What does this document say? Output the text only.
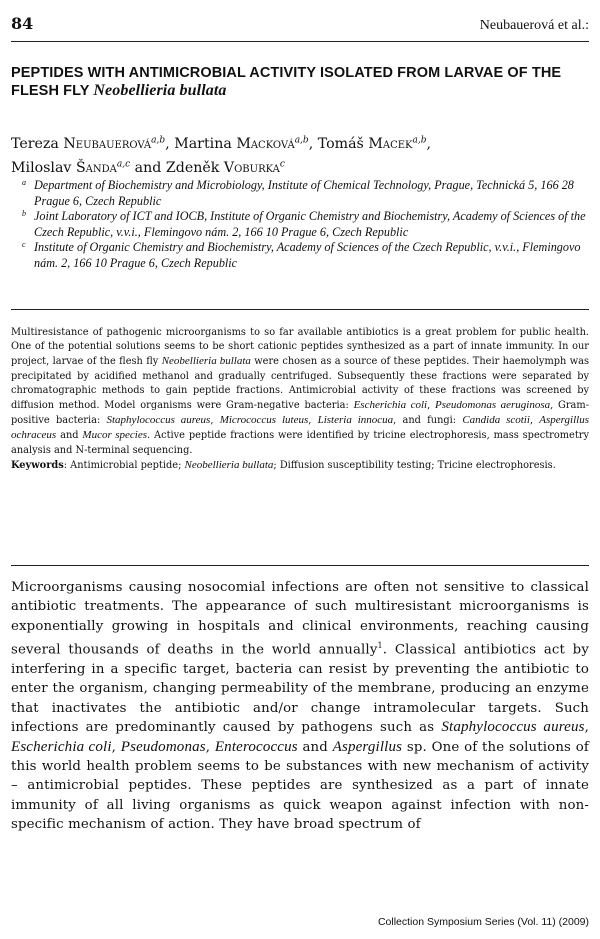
84	Neubauerová et al.:
PEPTIDES WITH ANTIMICROBIAL ACTIVITY ISOLATED FROM LARVAE OF THE FLESH FLY Neobellieria bullata
Tereza Neubauerová$^{a,b}$, Martina Macková$^{a,b}$, Tomáš Macek$^{a,b}$,
Miloslav Šanda$^{a,c}$ and Zdeněk Voburka$^c$
a Department of Biochemistry and Microbiology, Institute of Chemical Technology, Prague, Technická 5, 166 28 Prague 6, Czech Republic
b Joint Laboratory of ICT and IOCB, Institute of Organic Chemistry and Biochemistry, Academy of Sciences of the Czech Republic, v.v.i., Flemingovo nám. 2, 166 10 Prague 6, Czech Republic
c Institute of Organic Chemistry and Biochemistry, Academy of Sciences of the Czech Republic, v.v.i., Flemingovo nám. 2, 166 10 Prague 6, Czech Republic
Multiresistance of pathogenic microorganisms to so far available antibiotics is a great problem for public health. One of the potential solutions seems to be short cationic peptides synthesized as a part of innate immunity. In our project, larvae of the flesh fly Neobellieria bullata were chosen as a source of these peptides. Their haemolymph was precipitated by acidified methanol and gradually centrifuged. Subsequently these fractions were separated by chromatographic methods to gain peptide fractions. Antimicrobial activity of these fractions was screened by diffusion method. Model organisms were Gram-negative bacteria: Escherichia coli, Pseudomonas aeruginosa, Gram-positive bacteria: Staphylococcus aureus, Micrococcus luteus, Listeria innocua, and fungi: Candida scotii, Aspergillus ochraceus and Mucor species. Active peptide fractions were identified by tricine electrophoresis, mass spectrometry analysis and N-terminal sequencing.
Keywords: Antimicrobial peptide; Neobellieria bullata; Diffusion susceptibility testing; Tricine electrophoresis.
Microorganisms causing nosocomial infections are often not sensitive to classical antibiotic treatments. The appearance of such multiresistant microorganisms is exponentially growing in hospitals and clinical environments, reaching causing several thousands of deaths in the world annually$^1$. Classical antibiotics act by interfering in a specific target, bacteria can resist by preventing the antibiotic to enter the organism, changing permeability of the membrane, producing an enzyme that inactivates the antibiotic and/or change intramolecular targets. Such infections are predominantly caused by pathogens such as Staphylococcus aureus, Escherichia coli, Pseudomonas, Enterococcus and Aspergillus sp. One of the solutions of this world health problem seems to be substances with new mechanism of activity – antimicrobial peptides. These peptides are synthesized as a part of innate immunity of all living organisms as quick weapon against infection with non-specific mechanism of action. They have broad spectrum of
Collection Symposium Series (Vol. 11) (2009)
